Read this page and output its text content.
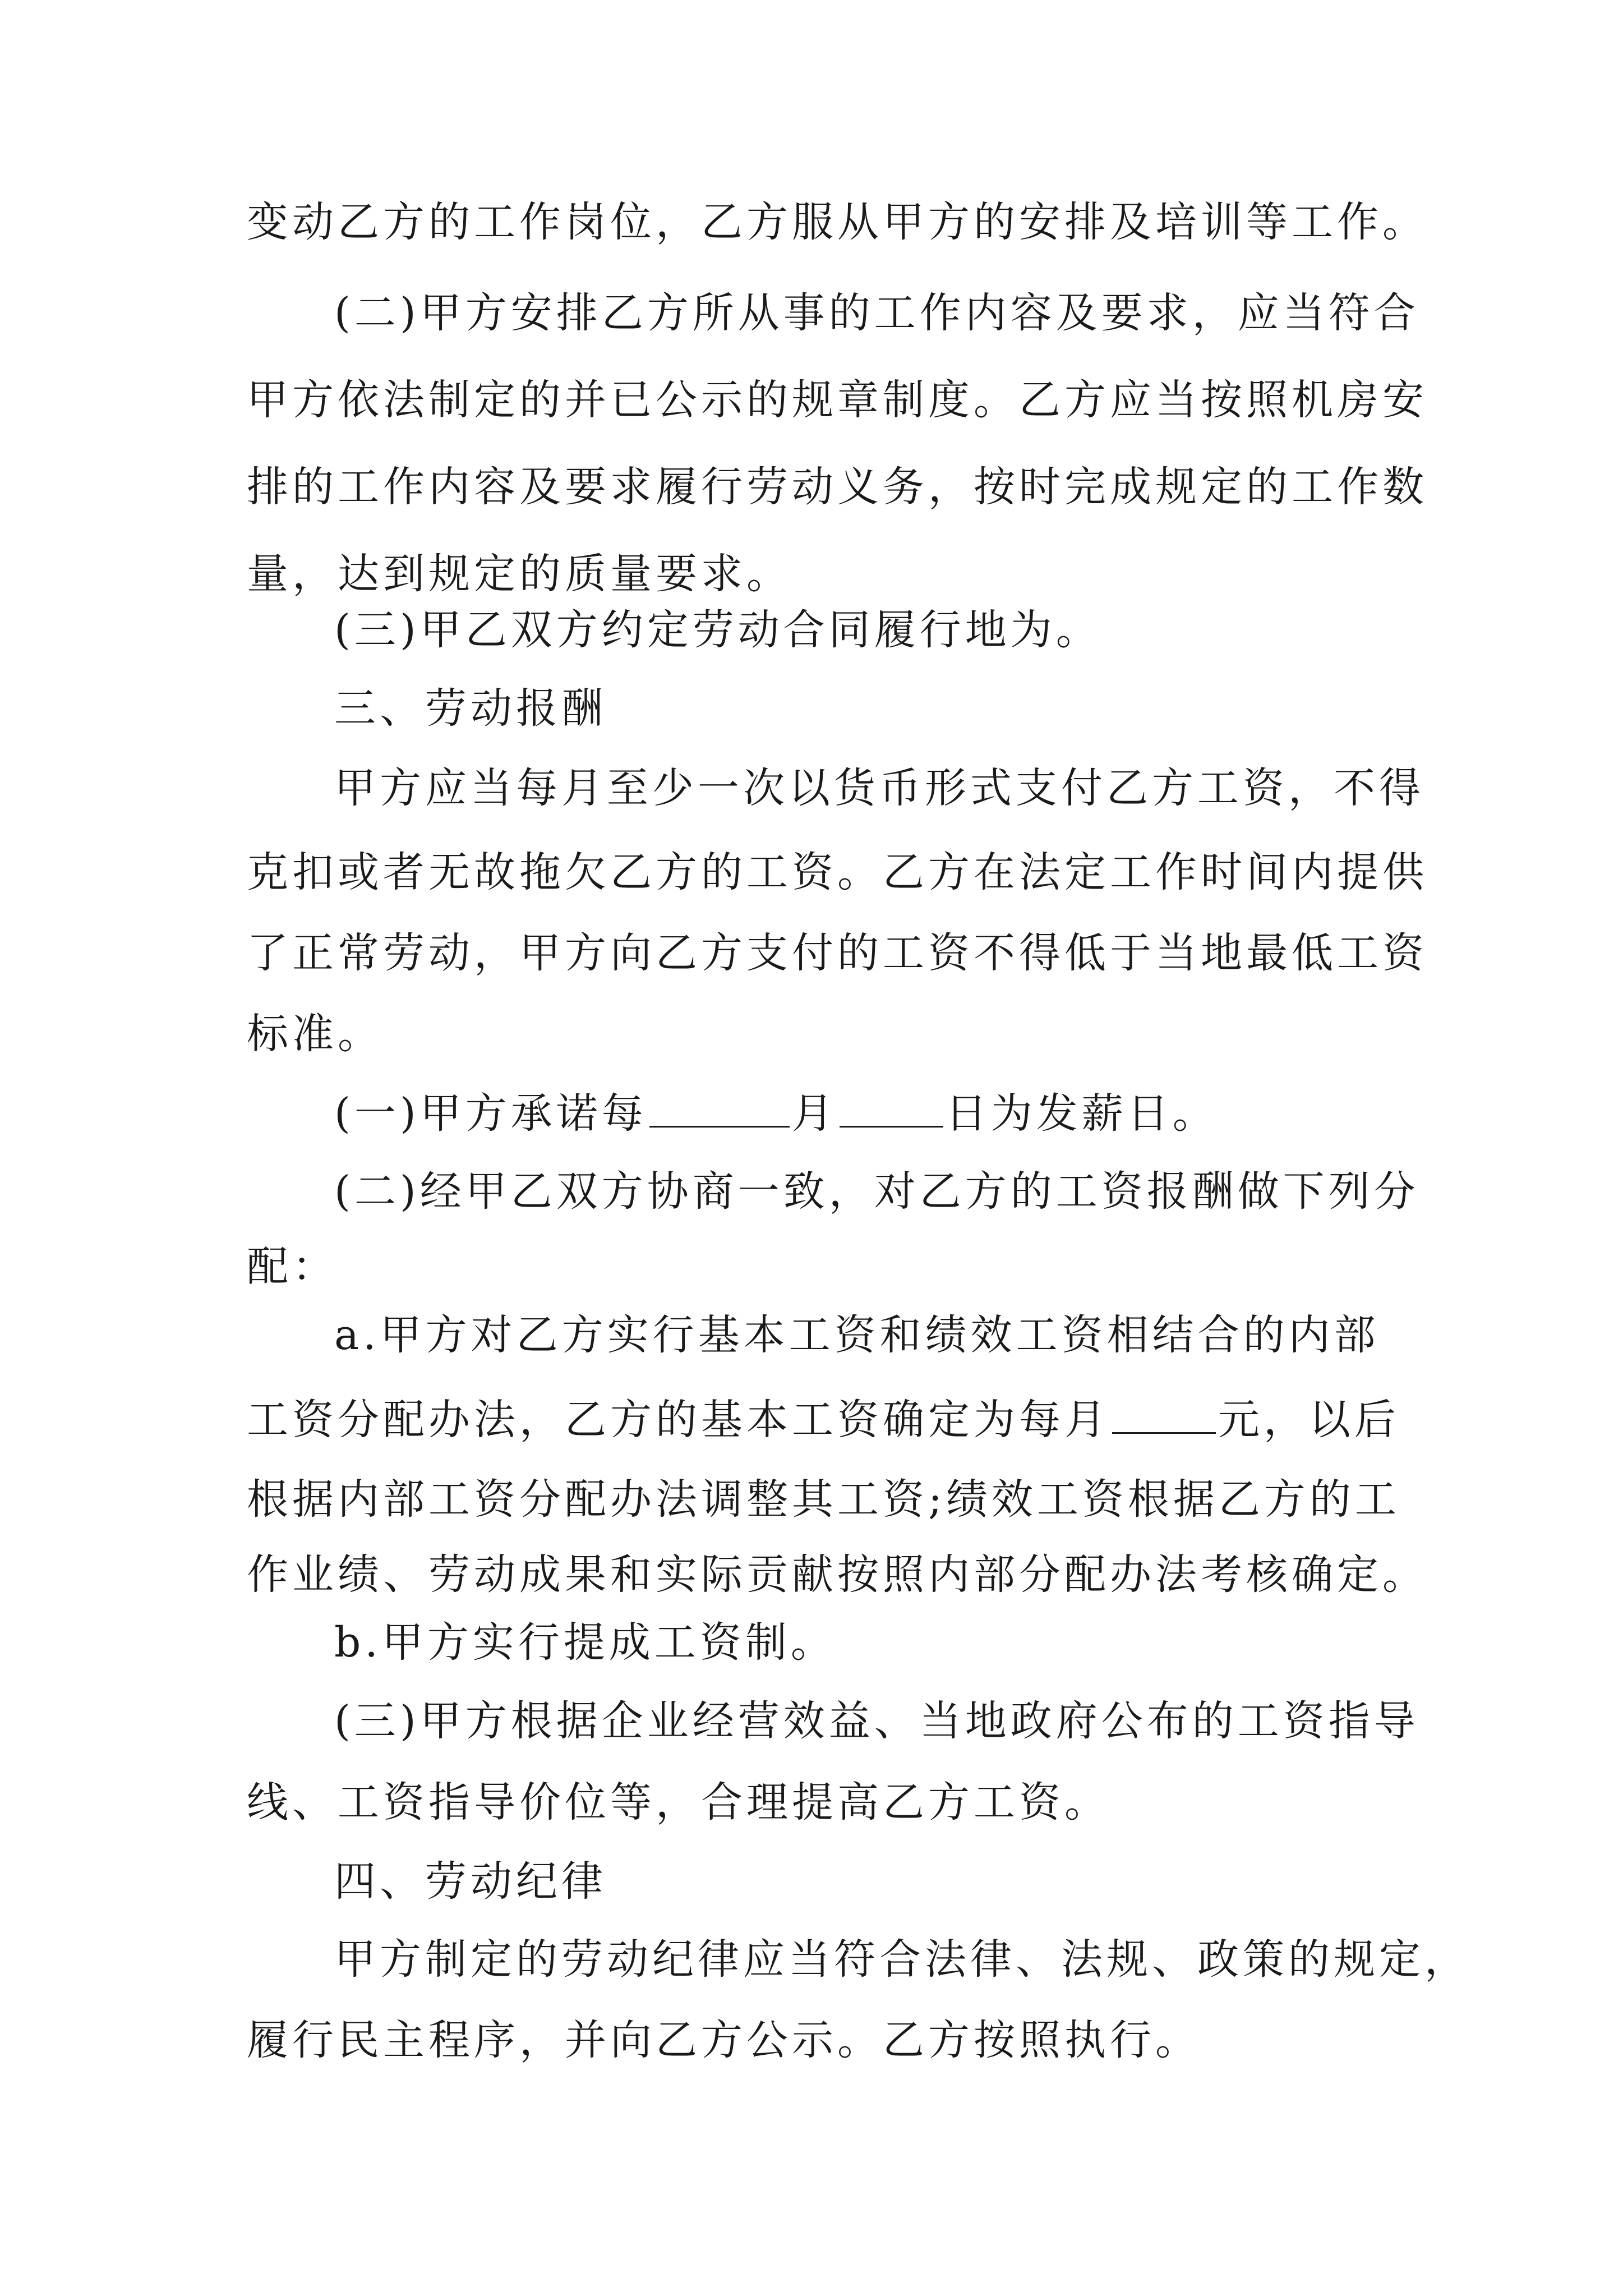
变动乙方的工作岗位，乙方服从甲方的安排及培训等工作。
(二)甲方安排乙方所从事的工作内容及要求，应当符合
甲方依法制定的并已公示的规章制度。乙方应当按照机房安
排的工作内容及要求履行劳动义务，按时完成规定的工作数
量，达到规定的质量要求。
(三)甲乙双方约定劳动合同履行地为。
三、劳动报酬
甲方应当每月至少一次以货币形式支付乙方工资，不得
克扣或者无故拖欠乙方的工资。乙方在法定工作时间内提供
了正常劳动，甲方向乙方支付的工资不得低于当地最低工资
标准。
(一)甲方承诺每	月	日为发薪日。
(二)经甲乙双方协商一致，对乙方的工资报酬做下列分
配：
a.甲方对乙方实行基本工资和绩效工资相结合的内部
工资分配办法，乙方的基本工资确定为每月	元，以后
根据内部工资分配办法调整其工资;绩效工资根据乙方的工
作业绩、劳动成果和实际贡献按照内部分配办法考核确定。
b.甲方实行提成工资制。
(三)甲方根据企业经营效益、当地政府公布的工资指导
线、工资指导价位等，合理提高乙方工资。
四、劳动纪律
甲方制定的劳动纪律应当符合法律、法规、政策的规定，
履行民主程序，并向乙方公示。乙方按照执行。
